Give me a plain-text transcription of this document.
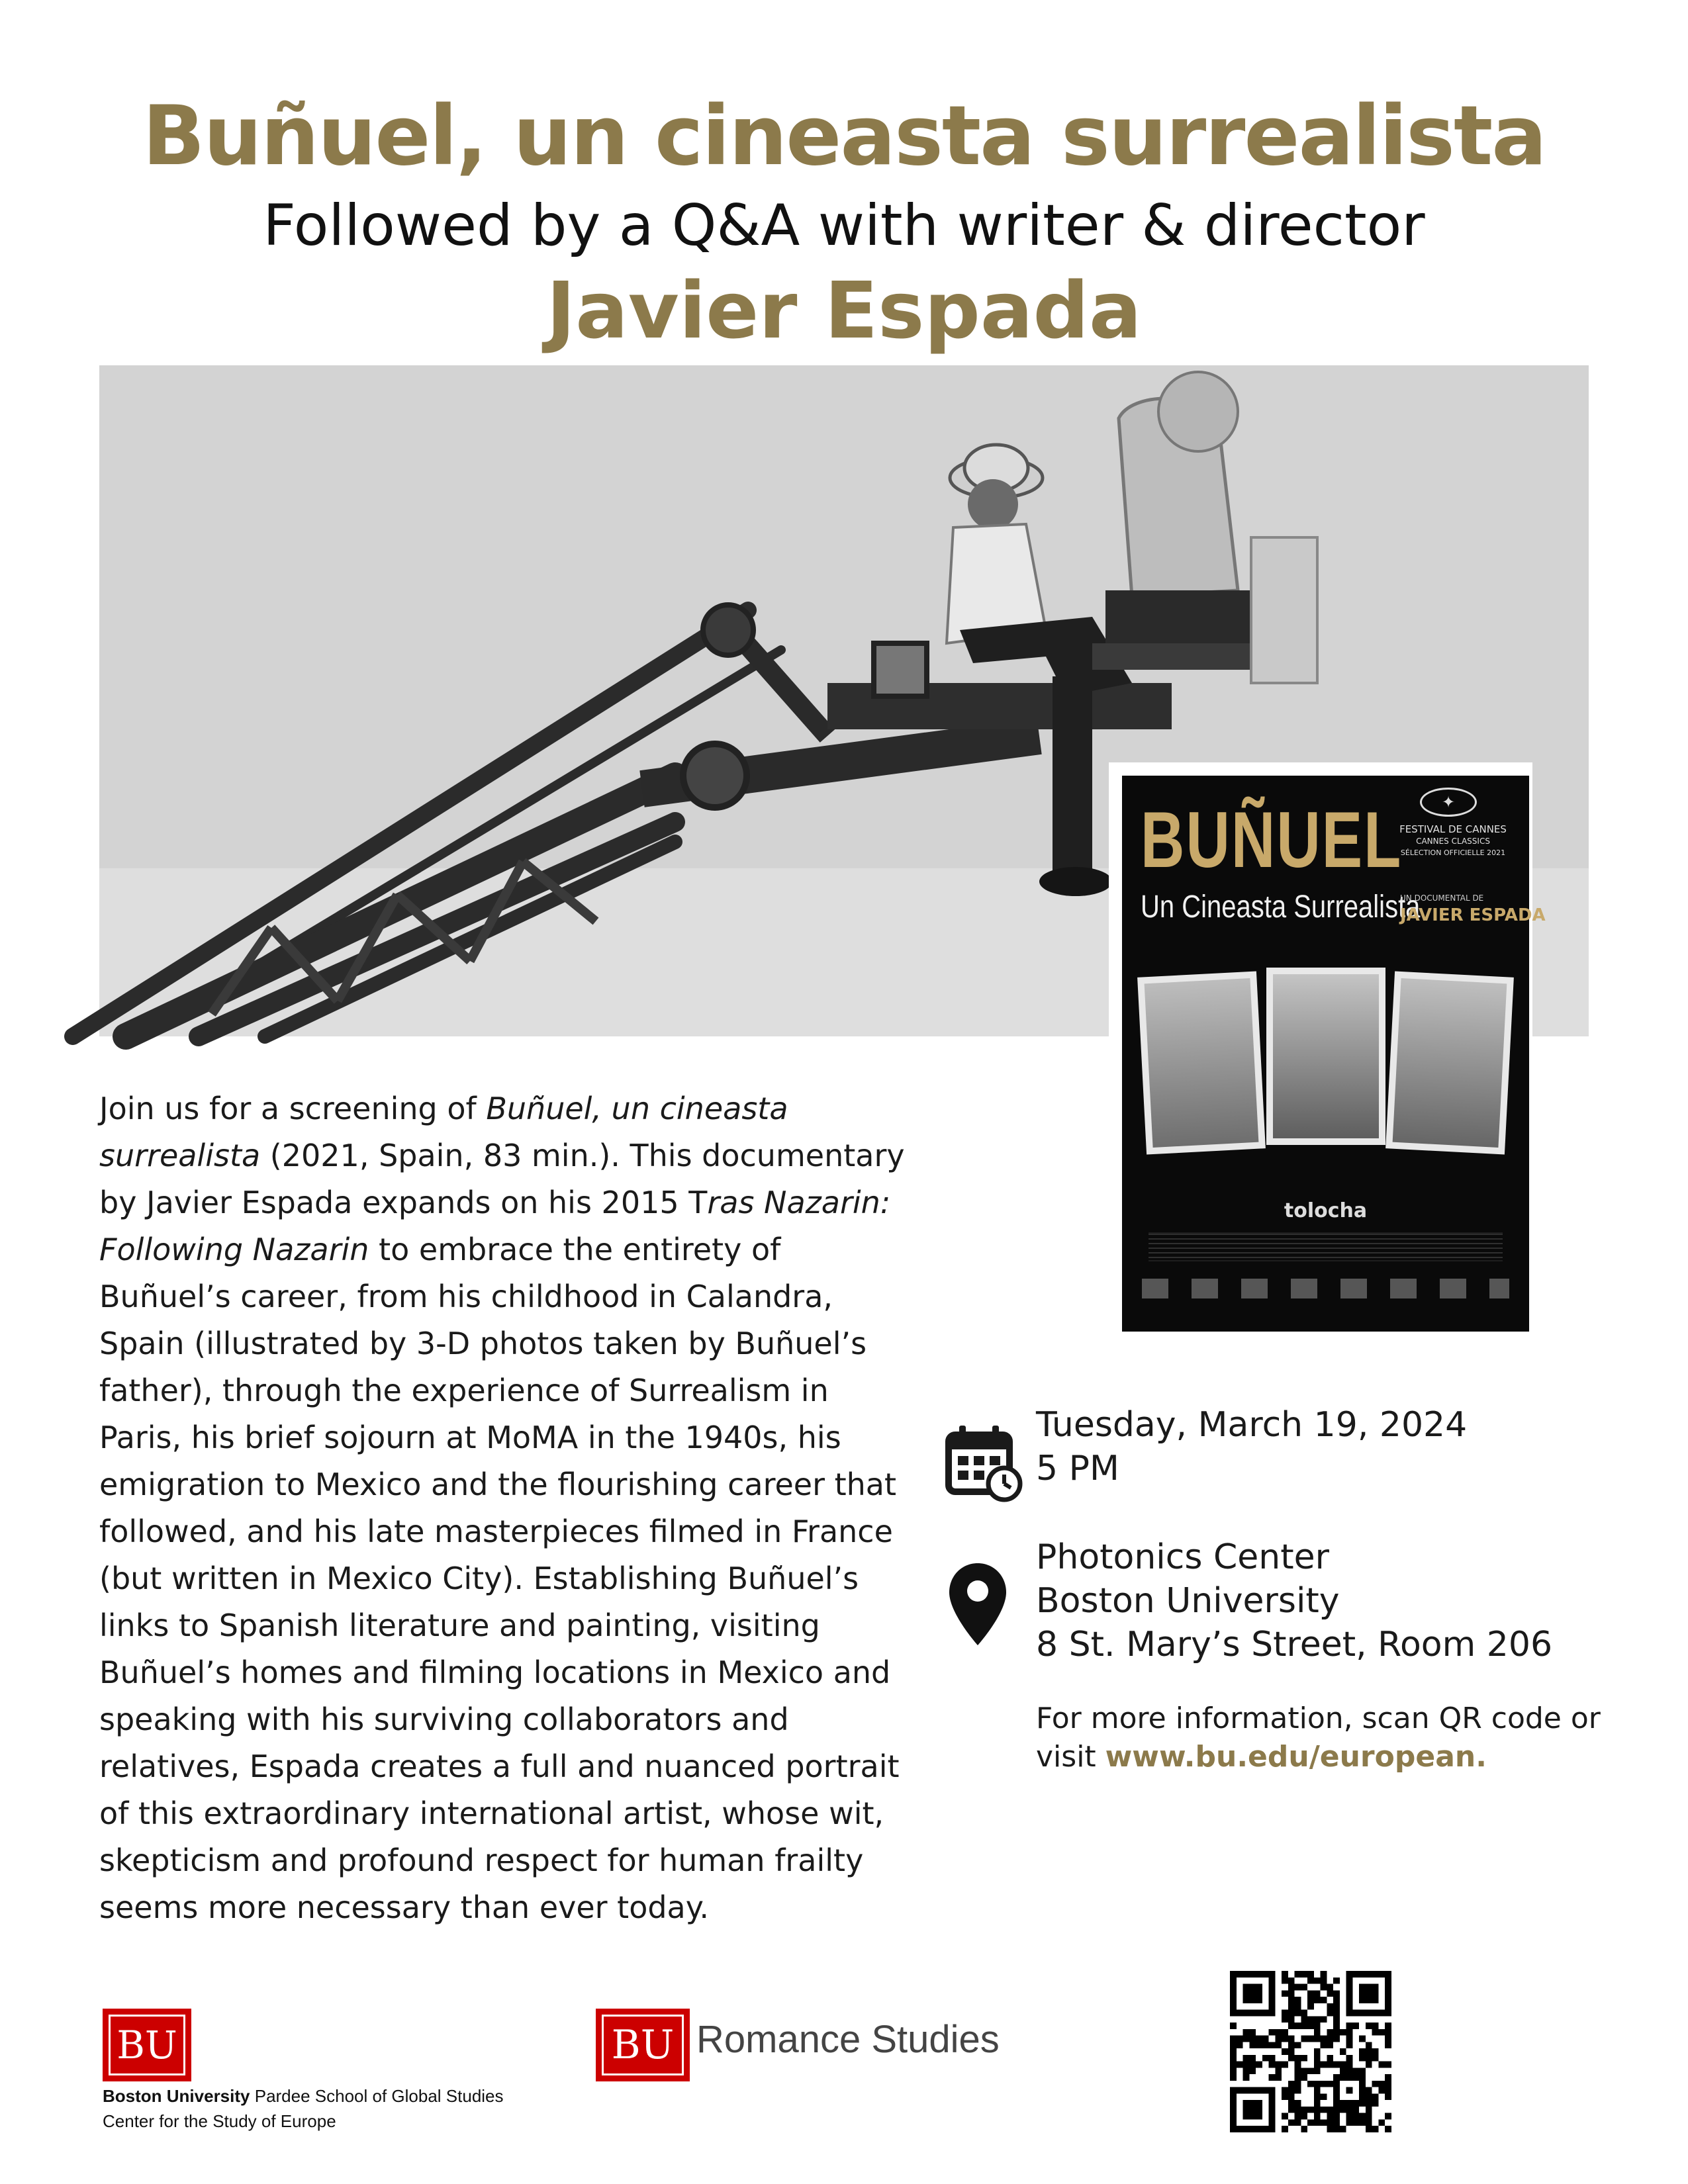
Buñuel, un cineasta surrealista
Followed by a Q&A with writer & director
Javier Espada
BUÑUEL
Un Cineasta Surrealista
✦
FESTIVAL DE CANNES
CANNES CLASSICS
SÉLECTION OFFICIELLE 2021
UN DOCUMENTAL DE
JAVIER ESPADA
tolocha
Join us for a screening of Buñuel, un cineasta surrealista (2021, Spain, 83 min.). This documentary by Javier Espada expands on his 2015 Tras Nazarin: Following Nazarin to embrace the entirety of Buñuel’s career, from his childhood in Calandra, Spain (illustrated by 3-D photos taken by Buñuel’s father), through the experience of Surrealism in Paris, his brief sojourn at MoMA in the 1940s, his emigration to Mexico and the flourishing career that followed, and his late masterpieces filmed in France (but written in Mexico City). Establishing Buñuel’s links to Spanish literature and painting, visiting Buñuel’s homes and filming locations in Mexico and speaking with his surviving collaborators and relatives, Espada creates a full and nuanced portrait of this extraordinary international artist, whose wit, skepticism and profound respect for human frailty seems more necessary than ever today.
Tuesday, March 19, 2024
5 PM
Photonics Center
Boston University
8 St. Mary’s Street, Room 206
For more information, scan QR code or
visit www.bu.edu/european.
BU
Boston University Pardee School of Global Studies
Center for the Study of Europe
BU Romance Studies
